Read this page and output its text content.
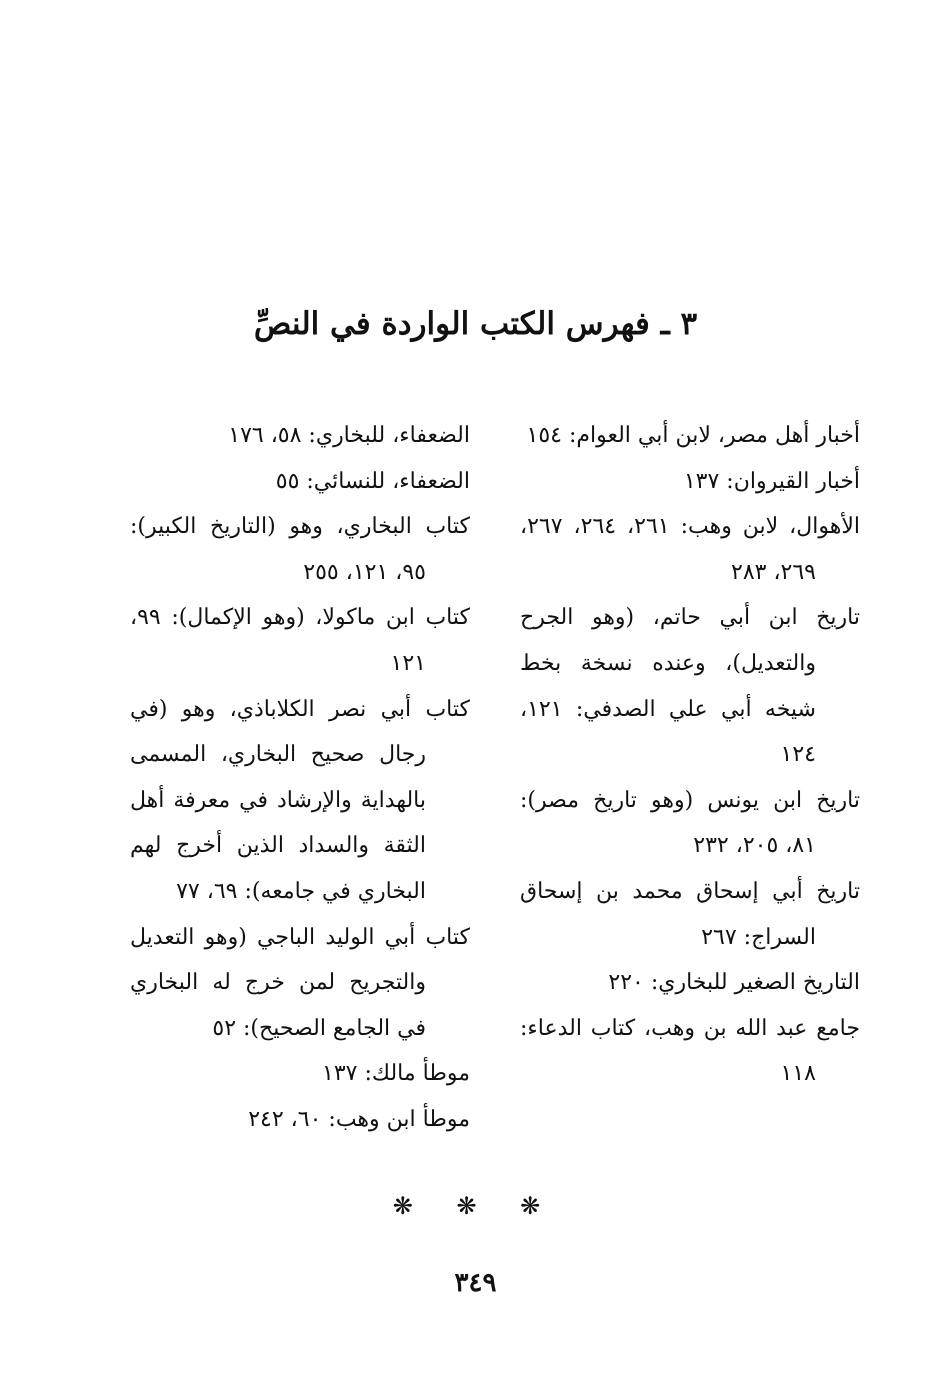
٣ ـ فهرس الكتب الواردة في النصِّ

أخبار أهل مصر، لابن أبي العوام: ١٥٤

أخبار القيروان: ١٣٧

الأهوال، لابن وهب: ٢٦١، ٢٦٤، ٢٦٧، ٢٦٩، ٢٨٣

تاريخ ابن أبي حاتم، (وهو الجرح والتعديل)، وعنده نسخة بخط شيخه أبي علي الصدفي: ١٢١، ١٢٤

تاريخ ابن يونس (وهو تاريخ مصر): ٨١، ٢٠٥، ٢٣٢

تاريخ أبي إسحاق محمد بن إسحاق السراج: ٢٦٧

التاريخ الصغير للبخاري: ٢٢٠

جامع عبد الله بن وهب، كتاب الدعاء: ١١٨

الضعفاء، للبخاري: ٥٨، ١٧٦

الضعفاء، للنسائي: ٥٥

كتاب البخاري، وهو (التاريخ الكبير): ٩٥، ١٢١، ٢٥٥

كتاب ابن ماكولا، (وهو الإكمال): ٩٩، ١٢١

كتاب أبي نصر الكلاباذي، وهو (في رجال صحيح البخاري، المسمى بالهداية والإرشاد في معرفة أهل الثقة والسداد الذين أخرج لهم البخاري في جامعه): ٦٩، ٧٧

كتاب أبي الوليد الباجي (وهو التعديل والتجريح لمن خرج له البخاري في الجامع الصحيح): ٥٢

موطأ مالك: ١٣٧

موطأ ابن وهب: ٦٠، ٢٤٢

❋ ❋ ❋
٣٤٩
